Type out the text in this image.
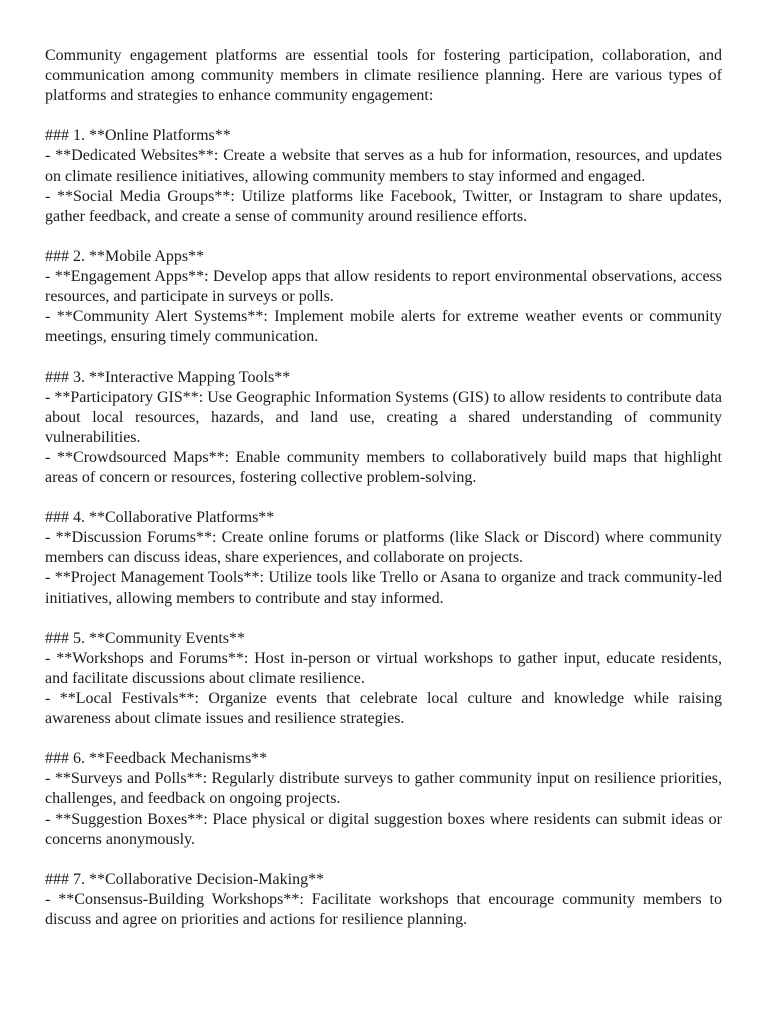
Community engagement platforms are essential tools for fostering participation, collaboration, and communication among community members in climate resilience planning. Here are various types of platforms and strategies to enhance community engagement:

### 1. **Online Platforms**

- **Dedicated Websites**: Create a website that serves as a hub for information, resources, and updates on climate resilience initiatives, allowing community members to stay informed and engaged.

- **Social Media Groups**: Utilize platforms like Facebook, Twitter, or Instagram to share updates, gather feedback, and create a sense of community around resilience efforts.

### 2. **Mobile Apps**

- **Engagement Apps**: Develop apps that allow residents to report environmental observations, access resources, and participate in surveys or polls.

- **Community Alert Systems**: Implement mobile alerts for extreme weather events or community meetings, ensuring timely communication.

### 3. **Interactive Mapping Tools**

- **Participatory GIS**: Use Geographic Information Systems (GIS) to allow residents to contribute data about local resources, hazards, and land use, creating a shared understanding of community vulnerabilities.

- **Crowdsourced Maps**: Enable community members to collaboratively build maps that highlight areas of concern or resources, fostering collective problem-solving.

### 4. **Collaborative Platforms**

- **Discussion Forums**: Create online forums or platforms (like Slack or Discord) where community members can discuss ideas, share experiences, and collaborate on projects.

- **Project Management Tools**: Utilize tools like Trello or Asana to organize and track community-led initiatives, allowing members to contribute and stay informed.

### 5. **Community Events**

- **Workshops and Forums**: Host in-person or virtual workshops to gather input, educate residents, and facilitate discussions about climate resilience.

- **Local Festivals**: Organize events that celebrate local culture and knowledge while raising awareness about climate issues and resilience strategies.

### 6. **Feedback Mechanisms**

- **Surveys and Polls**: Regularly distribute surveys to gather community input on resilience priorities, challenges, and feedback on ongoing projects.

- **Suggestion Boxes**: Place physical or digital suggestion boxes where residents can submit ideas or concerns anonymously.

### 7. **Collaborative Decision-Making**

- **Consensus-Building Workshops**: Facilitate workshops that encourage community members to discuss and agree on priorities and actions for resilience planning.
